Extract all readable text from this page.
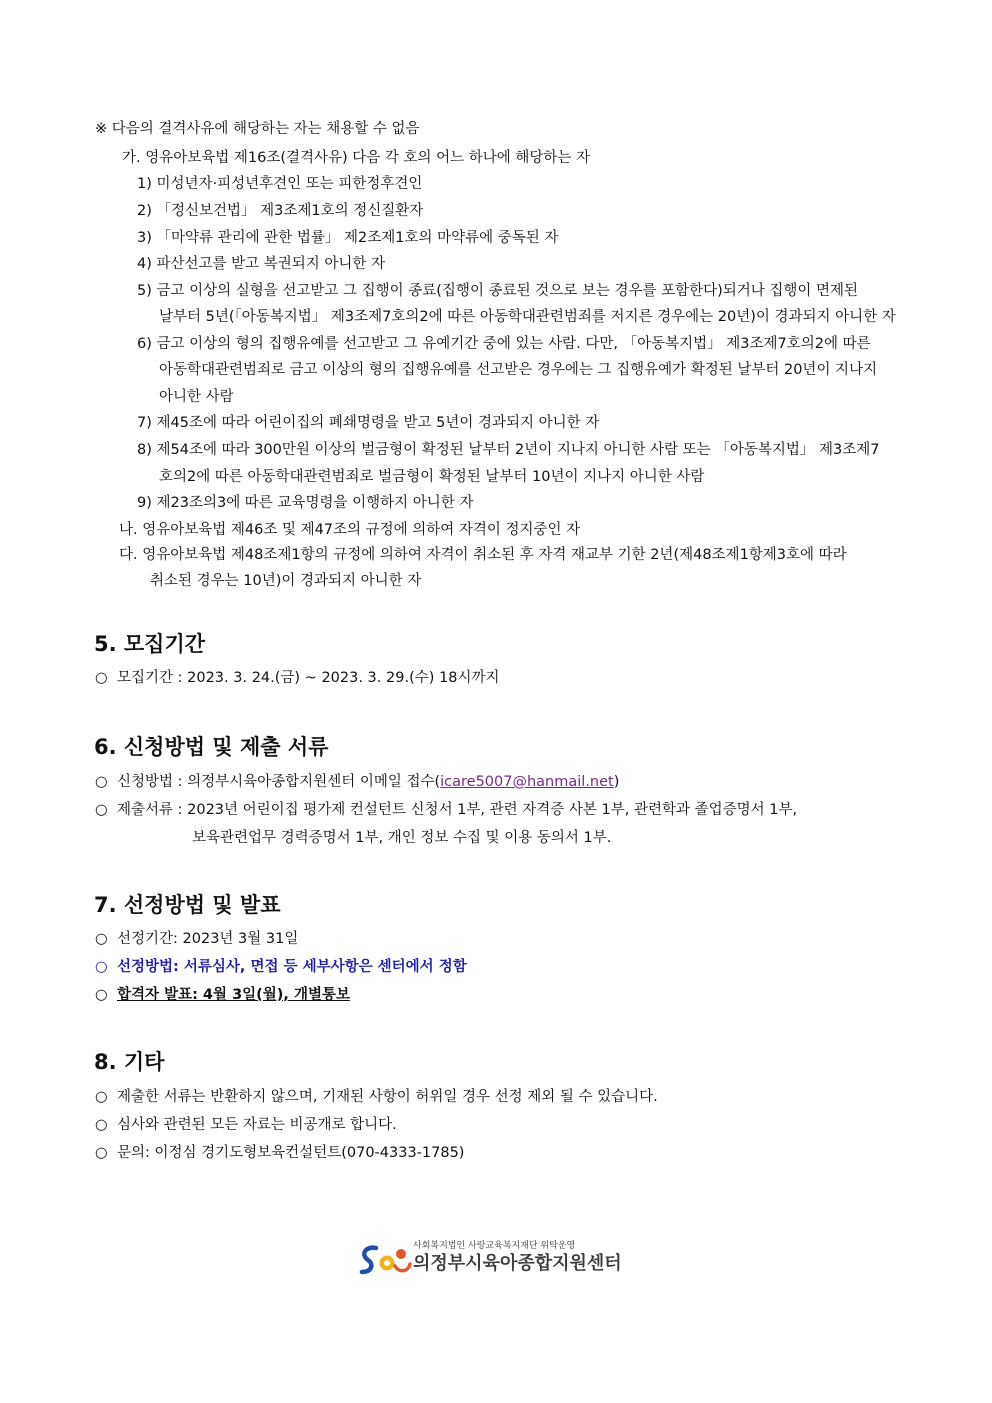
※ 다음의 결격사유에 해당하는 자는 채용할 수 없음
가. 영유아보육법 제16조(결격사유) 다음 각 호의 어느 하나에 해당하는 자
1) 미성년자·피성년후견인 또는 피한정후견인
2) 「정신보건법」 제3조제1호의 정신질환자
3) 「마약류 관리에 관한 법률」 제2조제1호의 마약류에 중독된 자
4) 파산선고를 받고 복권되지 아니한 자
5) 금고 이상의 실형을 선고받고 그 집행이 종료(집행이 종료된 것으로 보는 경우를 포함한다)되거나 집행이 면제된
날부터 5년(「아동복지법」 제3조제7호의2에 따른 아동학대관련범죄를 저지른 경우에는 20년)이 경과되지 아니한 자
6) 금고 이상의 형의 집행유예를 선고받고 그 유예기간 중에 있는 사람. 다만, 「아동복지법」 제3조제7호의2에 따른
아동학대관련범죄로 금고 이상의 형의 집행유예를 선고받은 경우에는 그 집행유예가 확정된 날부터 20년이 지나지
아니한 사람
7) 제45조에 따라 어린이집의 폐쇄명령을 받고 5년이 경과되지 아니한 자
8) 제54조에 따라 300만원 이상의 벌금형이 확정된 날부터 2년이 지나지 아니한 사람 또는 「아동복지법」 제3조제7
호의2에 따른 아동학대관련범죄로 벌금형이 확정된 날부터 10년이 지나지 아니한 사람
9) 제23조의3에 따른 교육명령을 이행하지 아니한 자
나. 영유아보육법 제46조 및 제47조의 규정에 의하여 자격이 정지중인 자
다. 영유아보육법 제48조제1항의 규정에 의하여 자격이 취소된 후 자격 재교부 기한 2년(제48조제1항제3호에 따라
취소된 경우는 10년)이 경과되지 아니한 자
5. 모집기간
○ 모집기간 : 2023. 3. 24.(금) ~ 2023. 3. 29.(수) 18시까지
6. 신청방법 및 제출 서류
○ 신청방법 : 의정부시육아종합지원센터 이메일 접수(icare5007@hanmail.net)
○ 제출서류 : 2023년 어린이집 평가제 컨설턴트 신청서 1부, 관련 자격증 사본 1부, 관련학과 졸업증명서 1부,
보육관련업무 경력증명서 1부, 개인 정보 수집 및 이용 동의서 1부.
7. 선정방법 및 발표
○ 선정기간: 2023년 3월 31일
○ 선정방법: 서류심사, 면접 등 세부사항은 센터에서 정함
○ 합격자 발표: 4월 3일(월), 개별통보
8. 기타
○ 제출한 서류는 반환하지 않으며, 기재된 사항이 허위일 경우 선정 제외 될 수 있습니다.
○ 심사와 관련된 모든 자료는 비공개로 합니다.
○ 문의: 이정심 경기도형보육컨설턴트(070-4333-1785)
사회복지법인 사랑교육복지재단 위탁운영
의정부시육아종합지원센터
